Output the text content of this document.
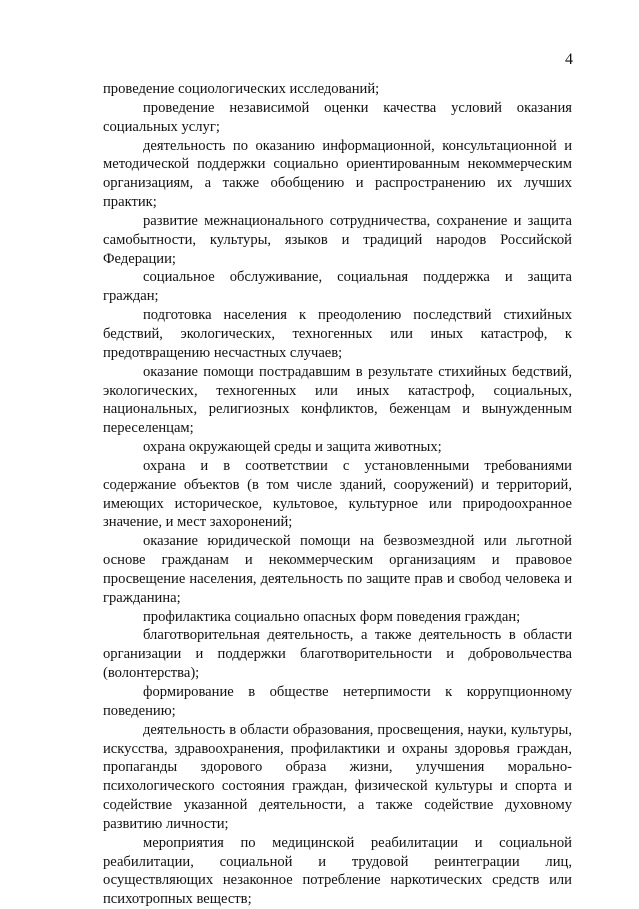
4

проведение социологических исследований;

проведение независимой оценки качества условий оказания социальных услуг;

деятельность по оказанию информационной, консультационной и методической поддержки социально ориентированным некоммерческим организациям, а также обобщению и распространению их лучших практик;

развитие межнационального сотрудничества, сохранение и защита самобытности, культуры, языков и традиций народов Российской Федерации;

социальное обслуживание, социальная поддержка и защита граждан;

подготовка населения к преодолению последствий стихийных бедствий, экологических, техногенных или иных катастроф, к предотвращению несчастных случаев;

оказание помощи пострадавшим в результате стихийных бедствий, экологических, техногенных или иных катастроф, социальных, национальных, религиозных конфликтов, беженцам и вынужденным переселенцам;

охрана окружающей среды и защита животных;

охрана и в соответствии с установленными требованиями содержание объектов (в том числе зданий, сооружений) и территорий, имеющих историческое, культовое, культурное или природоохранное значение, и мест захоронений;

оказание юридической помощи на безвозмездной или льготной основе гражданам и некоммерческим организациям и правовое просвещение населения, деятельность по защите прав и свобод человека и гражданина;

профилактика социально опасных форм поведения граждан;

благотворительная деятельность, а также деятельность в области организации и поддержки благотворительности и добровольчества (волонтерства);

формирование в обществе нетерпимости к коррупционному поведению;

деятельность в области образования, просвещения, науки, культуры, искусства, здравоохранения, профилактики и охраны здоровья граждан, пропаганды здорового образа жизни, улучшения морально-психологического состояния граждан, физической культуры и спорта и содействие указанной деятельности, а также содействие духовному развитию личности;

мероприятия по медицинской реабилитации и социальной реабилитации, социальной и трудовой реинтеграции лиц, осуществляющих незаконное потребление наркотических средств или психотропных веществ;
